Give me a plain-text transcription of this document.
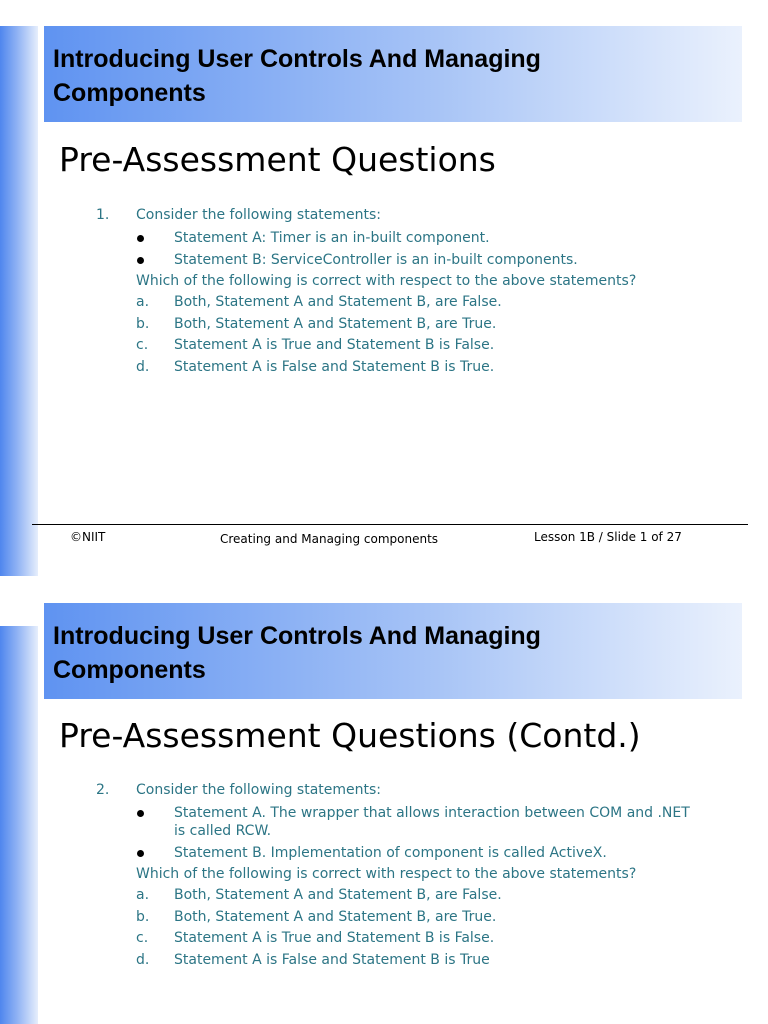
Introducing User Controls And Managing Components
Pre-Assessment Questions
1. Consider the following statements:
Statement A: Timer is an in-built component.
Statement B: ServiceController is an in-built components.
Which of the following is correct with respect to the above statements?
a. Both, Statement A and Statement B, are False.
b. Both, Statement A and Statement B, are True.
c. Statement A is True and Statement B is False.
d. Statement A is False and Statement B is True.
©NIIT	Creating and Managing components	Lesson 1B / Slide 1 of 27
Introducing User Controls And Managing Components
Pre-Assessment Questions (Contd.)
2. Consider the following statements:
Statement A. The wrapper that allows interaction between COM and .NET is called RCW.
Statement B. Implementation of component is called ActiveX.
Which of the following is correct with respect to the above statements?
a. Both, Statement A and Statement B, are False.
b. Both, Statement A and Statement B, are True.
c. Statement A is True and Statement B is False.
d. Statement A is False and Statement B is True
